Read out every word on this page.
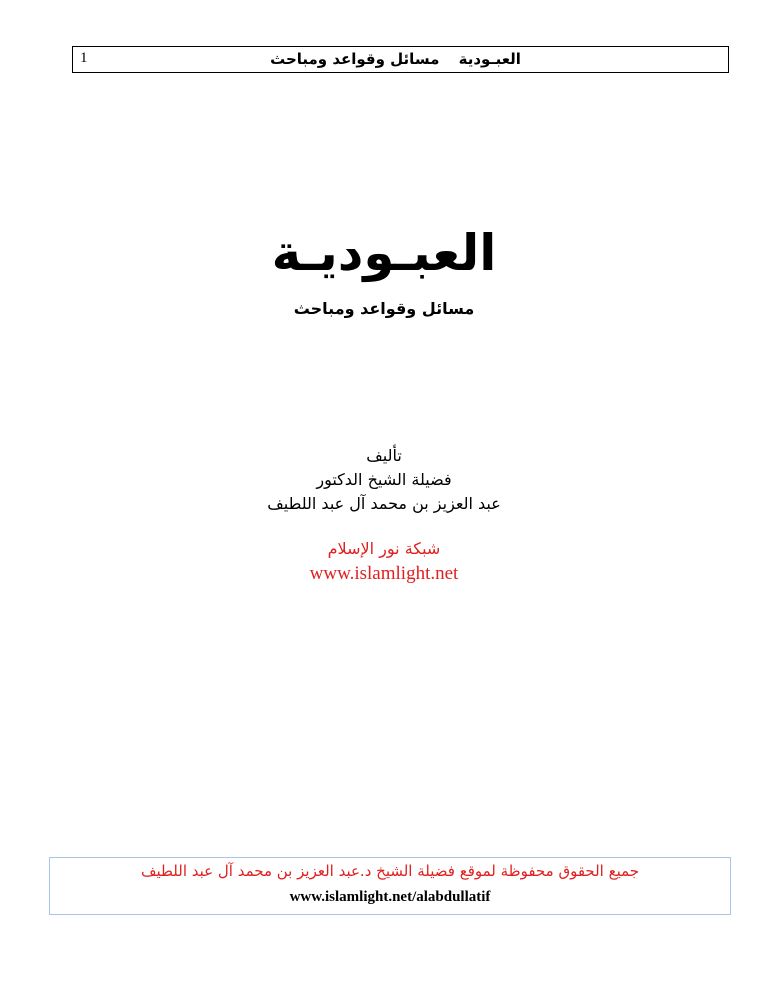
1	العبـودية مسائل وقواعد ومباحث
العبـوديـة
مسائل وقواعد ومباحث
تأليف
فضيلة الشيخ الدكتور
عبد العزيز بن محمد آل عبد اللطيف
شبكة نور الإسلام
www.islamlight.net
جميع الحقوق محفوظة لموقع فضيلة الشيخ د.عبد العزيز بن محمد آل عبد اللطيف
www.islamlight.net/alabdullatif
